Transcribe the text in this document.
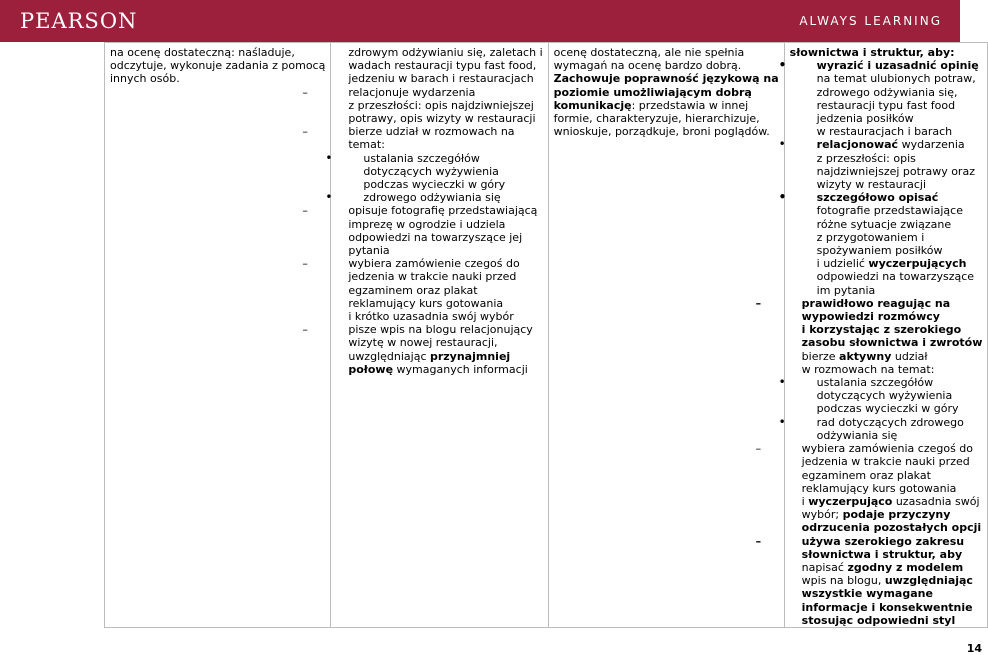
PEARSON	ALWAYS LEARNING
na ocenę dostateczną: naśladuje,
odczytuje, wykonuje zadania z pomocą
innych osób.

zdrowym odżywianiu się, zaletach i
wadach restauracji typu fast food,
jedzeniu w barach i restauracjach
– relacjonuje wydarzenia
z przeszłości: opis najdziwniejszej
potrawy, opis wizyty w restauracji
– bierze udział w rozmowach na
temat:
• ustalania szczegółów
dotyczących wyżywienia
podczas wycieczki w góry
• zdrowego odżywiania się
– opisuje fotografię przedstawiającą
imprezę w ogrodzie i udziela
odpowiedzi na towarzyszące jej
pytania
– wybiera zamówienie czegoś do
jedzenia w trakcie nauki przed
egzaminem oraz plakat
reklamujący kurs gotowania
i krótko uzasadnia swój wybór
– pisze wpis na blogu relacjonujący
wizytę w nowej restauracji,
uwzględniając przynajmniej
połowę wymaganych informacji

ocenę dostateczną, ale nie spełnia
wymagań na ocenę bardzo dobrą.
Zachowuje poprawność językową na
poziomie umożliwiającym dobrą
komunikację: przedstawia w innej
formie, charakteryzuje, hierarchizuje,
wnioskuje, porządkuje, broni poglądów.

słownictwa i struktur, aby:
• wyrazić i uzasadnić opinię
na temat ulubionych potraw,
zdrowego odżywiania się,
restauracji typu fast food
jedzenia posiłków
w restauracjach i barach
• relacjonować wydarzenia
z przeszłości: opis
najdziwniejszej potrawy oraz
wizyty w restauracji
• szczegółowo opisać
fotografie przedstawiające
różne sytuacje związane
z przygotowaniem i
spożywaniem posiłków
i udzielić wyczerpujących
odpowiedzi na towarzyszące
im pytania
– prawidłowo reagując na
wypowiedzi rozmówcy
i korzystając z szerokiego
zasobu słownictwa i zwrotów
bierze aktywny udział
w rozmowach na temat:
• ustalania szczegółów
dotyczących wyżywienia
podczas wycieczki w góry
• rad dotyczących zdrowego
odżywiania się
– wybiera zamówienia czegoś do
jedzenia w trakcie nauki przed
egzaminem oraz plakat
reklamujący kurs gotowania
i wyczerpująco uzasadnia swój
wybór; podaje przyczyny
odrzucenia pozostałych opcji
– używa szerokiego zakresu
słownictwa i struktur, aby
napisać zgodny z modelem
wpis na blogu, uwzględniając
wszystkie wymagane
informacje i konsekwentnie
stosując odpowiedni styl
14
